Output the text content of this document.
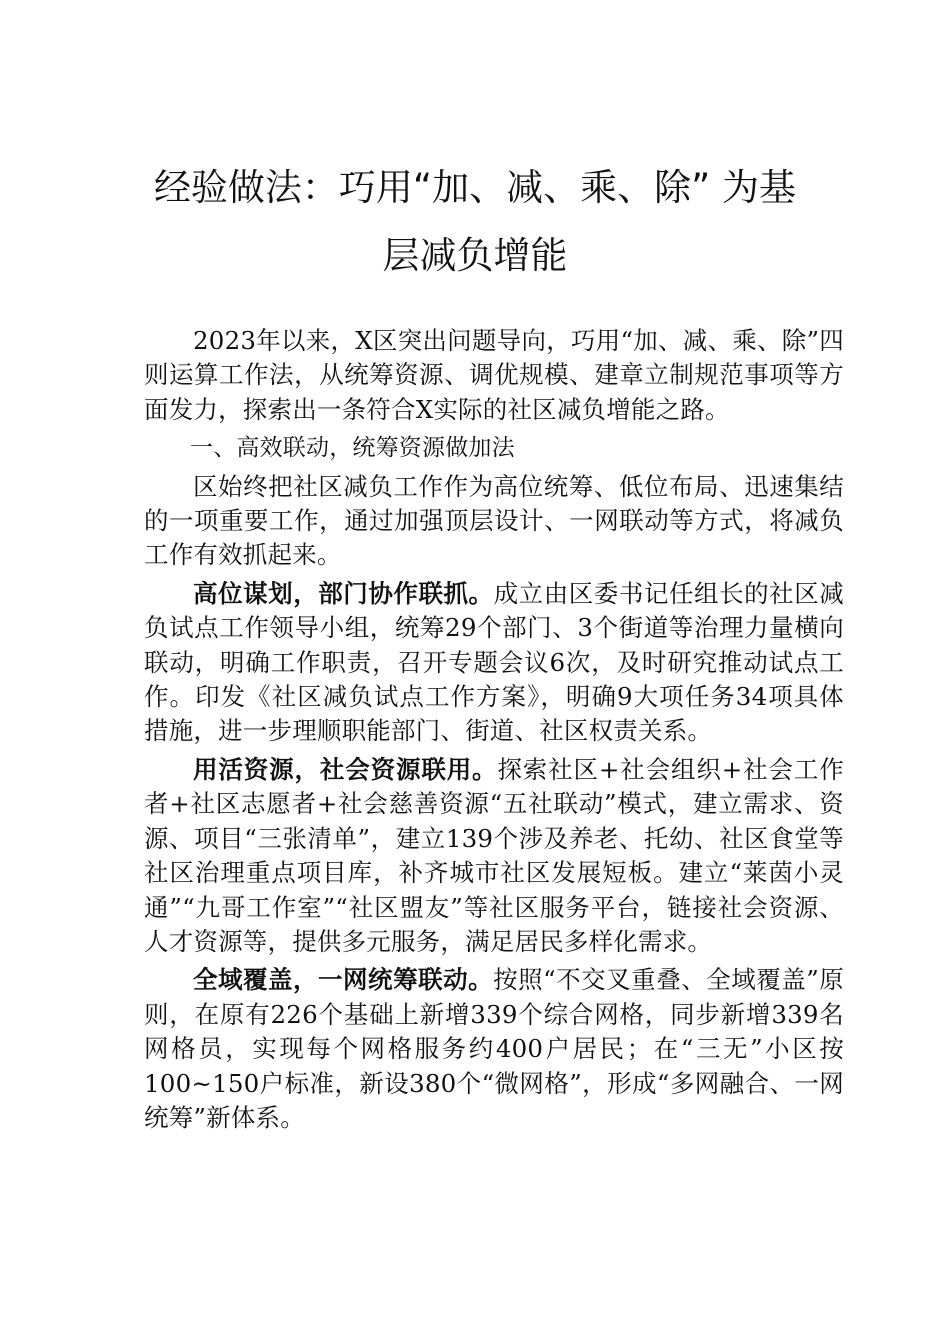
经验做法：巧用“加、减、乘、除” 为基
层减负增能

2023年以来，X区突出问题导向，巧用“加、减、乘、除”四则运算工作法，从统筹资源、调优规模、建章立制规范事项等方面发力，探索出一条符合X实际的社区减负增能之路。

一、高效联动，统筹资源做加法

区始终把社区减负工作作为高位统筹、低位布局、迅速集结的一项重要工作，通过加强顶层设计、一网联动等方式，将减负工作有效抓起来。

高位谋划，部门协作联抓。成立由区委书记任组长的社区减负试点工作领导小组，统筹29个部门、3个街道等治理力量横向联动，明确工作职责，召开专题会议6次，及时研究推动试点工作。印发《社区减负试点工作方案》，明确9大项任务34项具体措施，进一步理顺职能部门、街道、社区权责关系。

用活资源，社会资源联用。探索社区+社会组织+社会工作者+社区志愿者+社会慈善资源“五社联动”模式，建立需求、资源、项目“三张清单”，建立139个涉及养老、托幼、社区食堂等社区治理重点项目库，补齐城市社区发展短板。建立“莱茵小灵通”“九哥工作室”“社区盟友”等社区服务平台，链接社会资源、人才资源等，提供多元服务，满足居民多样化需求。

全域覆盖，一网统筹联动。按照“不交叉重叠、全域覆盖”原则，在原有226个基础上新增339个综合网格，同步新增339名网格员，实现每个网格服务约400户居民；在“三无”小区按100~150户标准，新设380个“微网格”，形成“多网融合、一网统筹”新体系。
